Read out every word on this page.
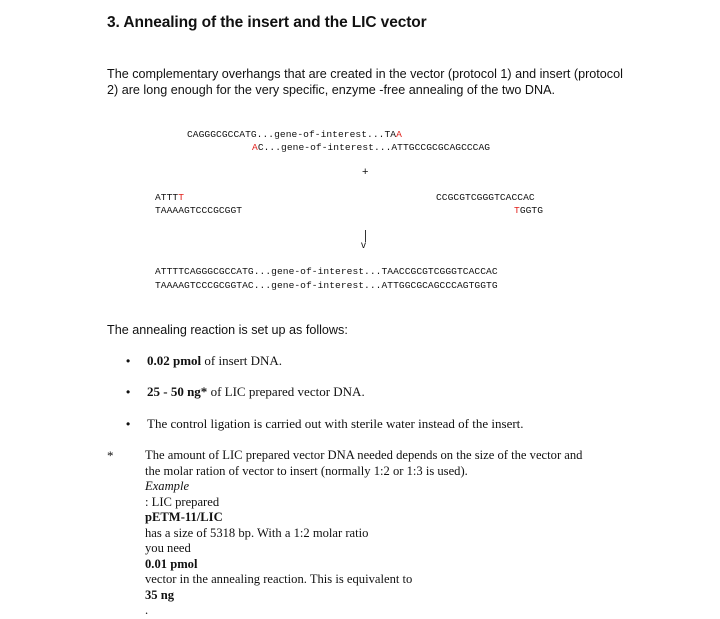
3. Annealing of the insert and the LIC vector
The complementary overhangs that are created in the vector (protocol 1) and insert (protocol
2) are long enough for the very specific, enzyme -free annealing of the two DNA.
CAGGGCGCCATG...gene-of-interest...TAA
AC...gene-of-interest...ATTGCCGCGCAGCCCAG
+
ATTTT
TAAAAGTCCCGCGGT
CCGCGTCGGGTCACCAC
TGGTG
v
ATTTTCAGGGCGCCATG...gene-of-interest...TAACCGCGTCGGGTCACCAC
TAAAAGTCCCGCGGTAC...gene-of-interest...ATTGGCGCAGCCCAGTGGTG
The annealing reaction is set up as follows:
• 0.02 pmol of insert DNA.
• 25 - 50 ng* of LIC prepared vector DNA.
• The control ligation is carried out with sterile water instead of the insert.
*	The amount of LIC prepared vector DNA needed depends on the size of the vector and
the molar ration of vector to insert (normally 1:2 or 1:3 is used).
Example
: LIC prepared
pETM-11/LIC
has a size of 5318 bp. With a 1:2 molar ratio
you need
0.01 pmol
vector in the annealing reaction. This is equivalent to
35 ng
.
